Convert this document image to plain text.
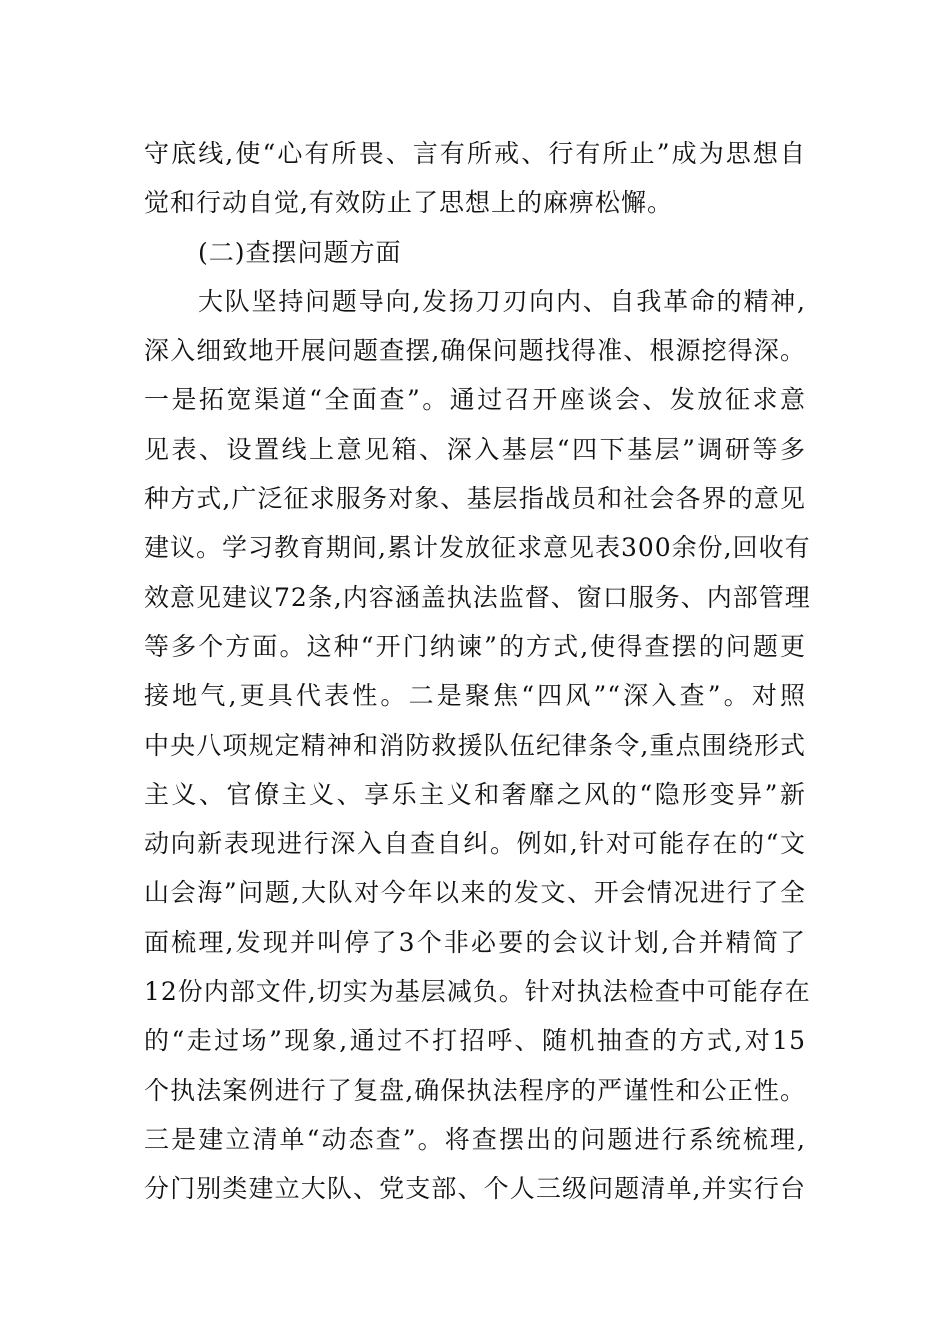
守底线,使“心有所畏、言有所戒、行有所止”成为思想自
觉和行动自觉,有效防止了思想上的麻痹松懈。
(二)查摆问题方面
大队坚持问题导向,发扬刀刃向内、自我革命的精神,
深入细致地开展问题查摆,确保问题找得准、根源挖得深。
一是拓宽渠道“全面查”。通过召开座谈会、发放征求意
见表、设置线上意见箱、深入基层“四下基层”调研等多
种方式,广泛征求服务对象、基层指战员和社会各界的意见
建议。学习教育期间,累计发放征求意见表300余份,回收有
效意见建议72条,内容涵盖执法监督、窗口服务、内部管理
等多个方面。这种“开门纳谏”的方式,使得查摆的问题更
接地气,更具代表性。二是聚焦“四风”“深入查”。对照
中央八项规定精神和消防救援队伍纪律条令,重点围绕形式
主义、官僚主义、享乐主义和奢靡之风的“隐形变异”新
动向新表现进行深入自查自纠。例如,针对可能存在的“文
山会海”问题,大队对今年以来的发文、开会情况进行了全
面梳理,发现并叫停了3个非必要的会议计划,合并精简了
12份内部文件,切实为基层减负。针对执法检查中可能存在
的“走过场”现象,通过不打招呼、随机抽查的方式,对15
个执法案例进行了复盘,确保执法程序的严谨性和公正性。
三是建立清单“动态查”。将查摆出的问题进行系统梳理,
分门别类建立大队、党支部、个人三级问题清单,并实行台
